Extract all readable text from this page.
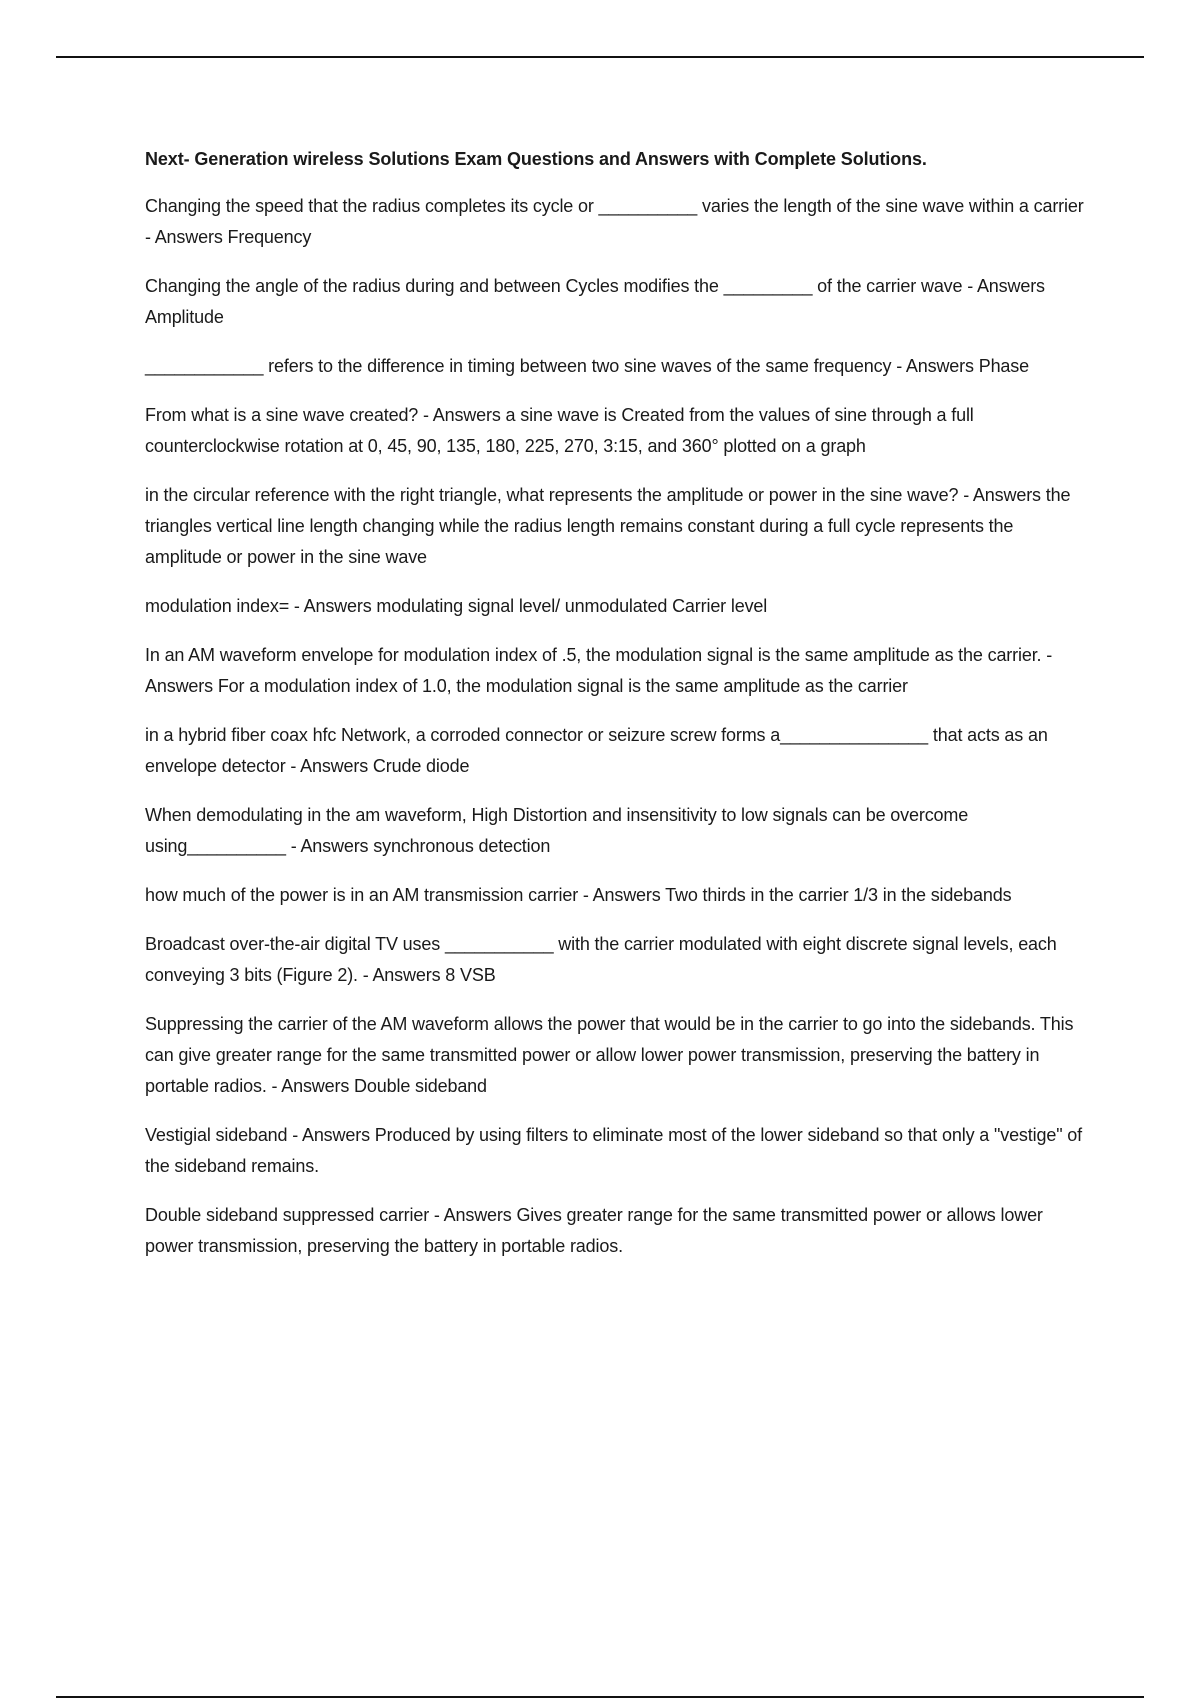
Next- Generation wireless Solutions Exam Questions and Answers with Complete Solutions.

Changing the speed that the radius completes its cycle or __________ varies the length of the sine wave within a carrier - Answers Frequency

Changing the angle of the radius during and between Cycles modifies the _________ of the carrier wave - Answers Amplitude

____________ refers to the difference in timing between two sine waves of the same frequency - Answers Phase

From what is a sine wave created? - Answers a sine wave is Created from the values of sine through a full counterclockwise rotation at 0, 45, 90, 135, 180, 225, 270, 3:15, and 360° plotted on a graph

in the circular reference with the right triangle, what represents the amplitude or power in the sine wave? - Answers the triangles vertical line length changing while the radius length remains constant during a full cycle represents the amplitude or power in the sine wave

modulation index= - Answers modulating signal level/ unmodulated Carrier level

In an AM waveform envelope for modulation index of .5, the modulation signal is the same amplitude as the carrier. - Answers For a modulation index of 1.0, the modulation signal is the same amplitude as the carrier

in a hybrid fiber coax hfc Network, a corroded connector or seizure screw forms a_______________ that acts as an envelope detector - Answers Crude diode

When demodulating in the am waveform, High Distortion and insensitivity to low signals can be overcome using__________ - Answers synchronous detection

how much of the power is in an AM transmission carrier - Answers Two thirds in the carrier 1/3 in the sidebands

Broadcast over-the-air digital TV uses ___________ with the carrier modulated with eight discrete signal levels, each conveying 3 bits (Figure 2). - Answers 8 VSB

Suppressing the carrier of the AM waveform allows the power that would be in the carrier to go into the sidebands. This can give greater range for the same transmitted power or allow lower power transmission, preserving the battery in portable radios. - Answers Double sideband

Vestigial sideband - Answers Produced by using filters to eliminate most of the lower sideband so that only a "vestige" of the sideband remains.

Double sideband suppressed carrier - Answers Gives greater range for the same transmitted power or allows lower power transmission, preserving the battery in portable radios.
